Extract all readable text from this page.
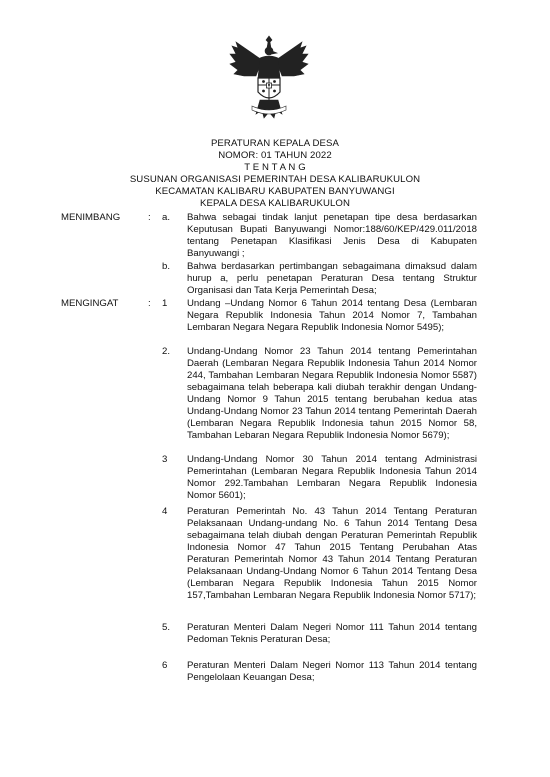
PERATURAN KEPALA DESA
NOMOR: 01 TAHUN 2022
T E N T A N G
SUSUNAN ORGANISASI PEMERINTAH DESA KALIBARUKULON
KECAMATAN KALIBARU KABUPATEN BANYUWANGI
KEPALA DESA KALIBARUKULON
MENIMBANG	: a. Bahwa sebagai tindak lanjut penetapan tipe desa berdasarkan Keputusan Bupati Banyuwangi Nomor:188/60/KEP/429.011/2018 tentang Penetapan Klasifikasi Jenis Desa di Kabupaten Banyuwangi ;
b. Bahwa berdasarkan pertimbangan sebagaimana dimaksud dalam hurup a, perlu penetapan Peraturan Desa tentang Struktur Organisasi dan Tata Kerja Pemerintah Desa;
MENGINGAT	: 1 Undang –Undang Nomor 6 Tahun 2014 tentang Desa (Lembaran Negara Republik Indonesia Tahun 2014 Nomor 7, Tambahan Lembaran Negara Negara Republik Indonesia Nomor 5495);
2. Undang-Undang Nomor 23 Tahun 2014 tentang Pemerintahan Daerah (Lembaran Negara Republik Indonesia Tahun 2014 Nomor 244, Tambahan Lembaran Negara Republik Indonesia Nomor 5587) sebagaimana telah beberapa kali diubah terakhir dengan Undang-Undang Nomor 9 Tahun 2015 tentang berubahan kedua atas Undang-Undang Nomor 23 Tahun 2014 tentang Pemerintah Daerah (Lembaran Negara Republik Indonesia tahun 2015 Nomor 58, Tambahan Lebaran Negara Republik Indonesia Nomor 5679);
3 Undang-Undang Nomor 30 Tahun 2014 tentang Administrasi Pemerintahan (Lembaran Negara Republik Indonesia Tahun 2014 Nomor 292.Tambahan Lembaran Negara Republik Indonesia Nomor 5601);
4 Peraturan Pemerintah No. 43 Tahun 2014 Tentang Peraturan Pelaksanaan Undang-undang No. 6 Tahun 2014 Tentang Desa sebagaimana telah diubah dengan Peraturan Pemerintah Republik Indonesia Nomor 47 Tahun 2015 Tentang Perubahan Atas Peraturan Pemerintah Nomor 43 Tahun 2014 Tentang Peraturan Pelaksanaan Undang-Undang Nomor 6 Tahun 2014 Tentang Desa (Lembaran Negara Republik Indonesia Tahun 2015 Nomor 157,Tambahan Lembaran Negara Republik Indonesia Nomor 5717);
5. Peraturan Menteri Dalam Negeri Nomor 111 Tahun 2014 tentang Pedoman Teknis Peraturan Desa;
6 Peraturan Menteri Dalam Negeri Nomor 113 Tahun 2014 tentang Pengelolaan Keuangan Desa;
